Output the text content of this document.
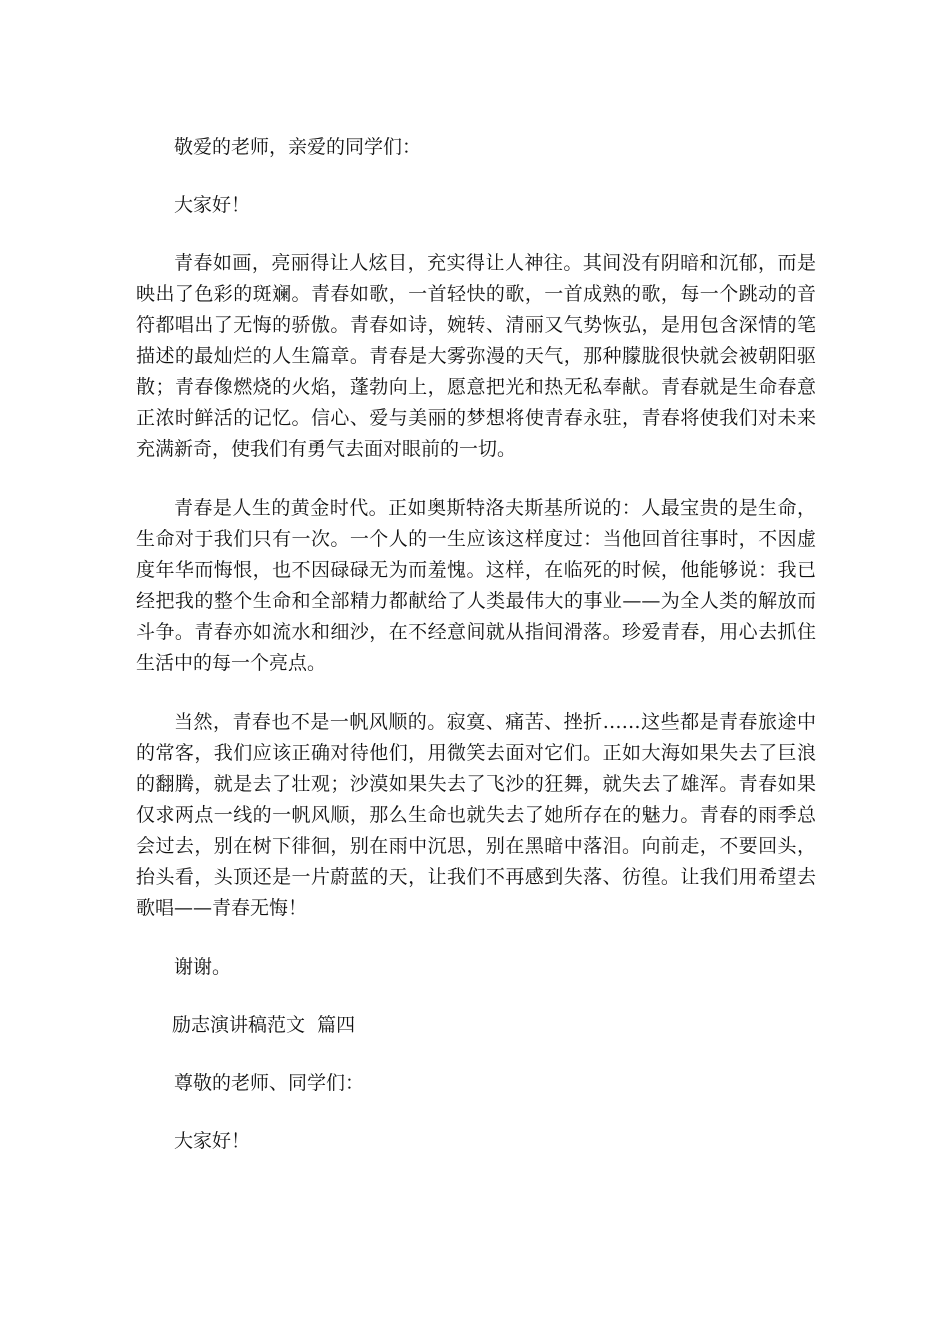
敬爱的老师，亲爱的同学们：

大家好！

青春如画，亮丽得让人炫目，充实得让人神往。其间没有阴暗和沉郁，而是映出了色彩的斑斓。青春如歌，一首轻快的歌，一首成熟的歌，每一个跳动的音符都唱出了无悔的骄傲。青春如诗，婉转、清丽又气势恢弘，是用包含深情的笔描述的最灿烂的人生篇章。青春是大雾弥漫的天气，那种朦胧很快就会被朝阳驱散；青春像燃烧的火焰，蓬勃向上，愿意把光和热无私奉献。青春就是生命春意正浓时鲜活的记忆。信心、爱与美丽的梦想将使青春永驻，青春将使我们对未来充满新奇，使我们有勇气去面对眼前的一切。

青春是人生的黄金时代。正如奥斯特洛夫斯基所说的：人最宝贵的是生命，生命对于我们只有一次。一个人的一生应该这样度过：当他回首往事时，不因虚度年华而悔恨，也不因碌碌无为而羞愧。这样，在临死的时候，他能够说：我已经把我的整个生命和全部精力都献给了人类最伟大的事业——为全人类的解放而斗争。青春亦如流水和细沙，在不经意间就从指间滑落。珍爱青春，用心去抓住生活中的每一个亮点。

当然，青春也不是一帆风顺的。寂寞、痛苦、挫折……这些都是青春旅途中的常客，我们应该正确对待他们，用微笑去面对它们。正如大海如果失去了巨浪的翻腾，就是去了壮观；沙漠如果失去了飞沙的狂舞，就失去了雄浑。青春如果仅求两点一线的一帆风顺，那么生命也就失去了她所存在的魅力。青春的雨季总会过去，别在树下徘徊，别在雨中沉思，别在黑暗中落泪。向前走，不要回头，抬头看，头顶还是一片蔚蓝的天，让我们不再感到失落、彷徨。让我们用希望去歌唱——青春无悔！

谢谢。

励志演讲稿范文  篇四

尊敬的老师、同学们：

大家好！
